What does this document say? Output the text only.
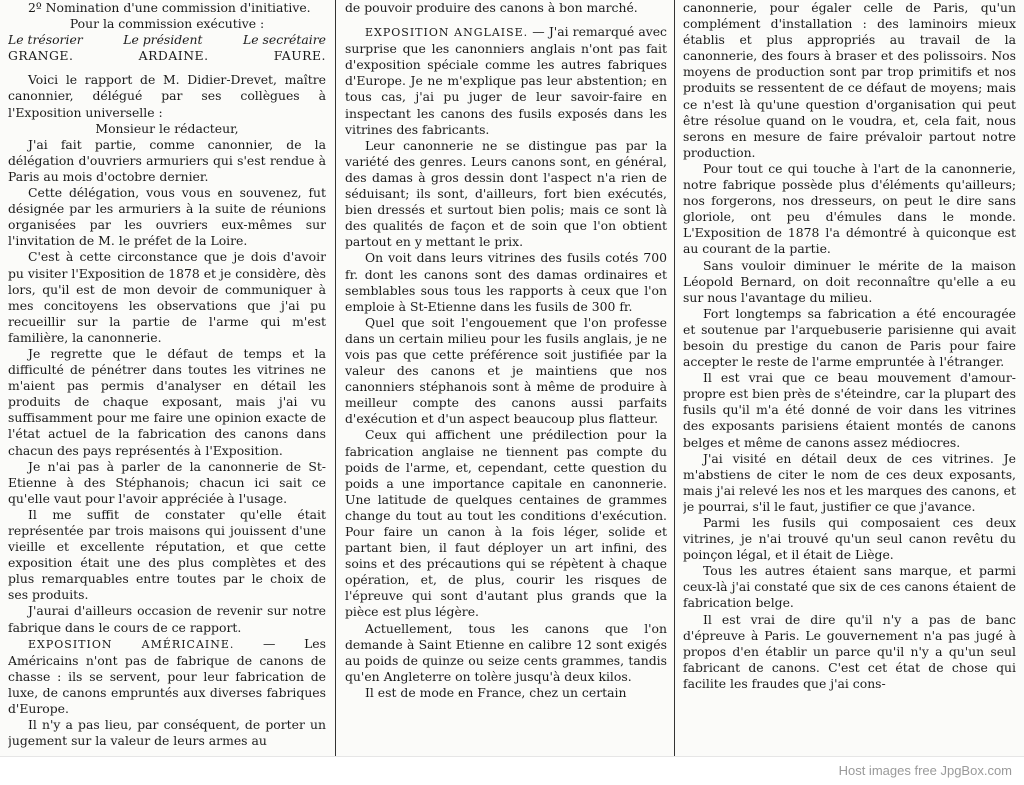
2º Nomination d'une commission d'initiative.

Pour la commission exécutive :

Le trésorier	Le président	Le secrétaire
GRANGE.	ARDAINE.	FAURE.

Voici le rapport de M. Didier-Drevet, maître canonnier, délégué par ses collègues à l'Exposition universelle :

Monsieur le rédacteur,

J'ai fait partie, comme canonnier, de la délégation d'ouvriers armuriers qui s'est rendue à Paris au mois d'octobre dernier.

Cette délégation, vous vous en souvenez, fut désignée par les armuriers à la suite de réunions organisées par les ouvriers eux-mêmes sur l'invitation de M. le préfet de la Loire.

C'est à cette circonstance que je dois d'avoir pu visiter l'Exposition de 1878 et je considère, dès lors, qu'il est de mon devoir de communiquer à mes concitoyens les observations que j'ai pu recueillir sur la partie de l'arme qui m'est familière, la canonnerie.

Je regrette que le défaut de temps et la difficulté de pénétrer dans toutes les vitrines ne m'aient pas permis d'analyser en détail les produits de chaque exposant, mais j'ai vu suffisamment pour me faire une opinion exacte de l'état actuel de la fabrication des canons dans chacun des pays représentés à l'Exposition.

Je n'ai pas à parler de la canonnerie de St-Etienne à des Stéphanois; chacun ici sait ce qu'elle vaut pour l'avoir appréciée à l'usage.

Il me suffit de constater qu'elle était représentée par trois maisons qui jouissent d'une vieille et excellente réputation, et que cette exposition était une des plus complètes et des plus remarquables entre toutes par le choix de ses produits.

J'aurai d'ailleurs occasion de revenir sur notre fabrique dans le cours de ce rapport.

EXPOSITION AMÉRICAINE. — Les Américains n'ont pas de fabrique de canons de chasse : ils se servent, pour leur fabrication de luxe, de canons empruntés aux diverses fabriques d'Europe.

Il n'y a pas lieu, par conséquent, de porter un jugement sur la valeur de leurs armes au

de pouvoir produire des canons à bon marché.

EXPOSITION ANGLAISE. — J'ai remarqué avec surprise que les canonniers anglais n'ont pas fait d'exposition spéciale comme les autres fabriques d'Europe. Je ne m'explique pas leur abstention; en tous cas, j'ai pu juger de leur savoir-faire en inspectant les canons des fusils exposés dans les vitrines des fabricants.

Leur canonnerie ne se distingue pas par la variété des genres. Leurs canons sont, en général, des damas à gros dessin dont l'aspect n'a rien de séduisant; ils sont, d'ailleurs, fort bien exécutés, bien dressés et surtout bien polis; mais ce sont là des qualités de façon et de soin que l'on obtient partout en y mettant le prix.

On voit dans leurs vitrines des fusils cotés 700 fr. dont les canons sont des damas ordinaires et semblables sous tous les rapports à ceux que l'on emploie à St-Etienne dans les fusils de 300 fr.

Quel que soit l'engouement que l'on professe dans un certain milieu pour les fusils anglais, je ne vois pas que cette préférence soit justifiée par la valeur des canons et je maintiens que nos canonniers stéphanois sont à même de produire à meilleur compte des canons aussi parfaits d'exécution et d'un aspect beaucoup plus flatteur.

Ceux qui affichent une prédilection pour la fabrication anglaise ne tiennent pas compte du poids de l'arme, et, cependant, cette question du poids a une importance capitale en canonnerie. Une latitude de quelques centaines de grammes change du tout au tout les conditions d'exécution. Pour faire un canon à la fois léger, solide et partant bien, il faut déployer un art infini, des soins et des précautions qui se répètent à chaque opération, et, de plus, courir les risques de l'épreuve qui sont d'autant plus grands que la pièce est plus légère.

Actuellement, tous les canons que l'on demande à Saint Etienne en calibre 12 sont exigés au poids de quinze ou seize cents grammes, tandis qu'en Angleterre on tolère jusqu'à deux kilos.

Il est de mode en France, chez un certain

canonnerie, pour égaler celle de Paris, qu'un complément d'installation : des laminoirs mieux établis et plus appropriés au travail de la canonnerie, des fours à braser et des polissoirs. Nos moyens de production sont par trop primitifs et nos produits se ressentent de ce défaut de moyens; mais ce n'est là qu'une question d'organisation qui peut être résolue quand on le voudra, et, cela fait, nous serons en mesure de faire prévaloir partout notre production.

Pour tout ce qui touche à l'art de la canonnerie, notre fabrique possède plus d'éléments qu'ailleurs; nos forgerons, nos dresseurs, on peut le dire sans gloriole, ont peu d'émules dans le monde. L'Exposition de 1878 l'a démontré à quiconque est au courant de la partie.

Sans vouloir diminuer le mérite de la maison Léopold Bernard, on doit reconnaître qu'elle a eu sur nous l'avantage du milieu.

Fort longtemps sa fabrication a été encouragée et soutenue par l'arquebuserie parisienne qui avait besoin du prestige du canon de Paris pour faire accepter le reste de l'arme empruntée à l'étranger.

Il est vrai que ce beau mouvement d'amour-propre est bien près de s'éteindre, car la plupart des fusils qu'il m'a été donné de voir dans les vitrines des exposants parisiens étaient montés de canons belges et même de canons assez médiocres.

J'ai visité en détail deux de ces vitrines. Je m'abstiens de citer le nom de ces deux exposants, mais j'ai relevé les nos et les marques des canons, et je pourrai, s'il le faut, justifier ce que j'avance.

Parmi les fusils qui composaient ces deux vitrines, je n'ai trouvé qu'un seul canon revêtu du poinçon légal, et il était de Liège.

Tous les autres étaient sans marque, et parmi ceux-là j'ai constaté que six de ces canons étaient de fabrication belge.

Il est vrai de dire qu'il n'y a pas de banc d'épreuve à Paris. Le gouvernement n'a pas jugé à propos d'en établir un parce qu'il n'y a qu'un seul fabricant de canons. C'est cet état de chose qui facilite les fraudes que j'ai cons-

Host images free JpgBox.com
